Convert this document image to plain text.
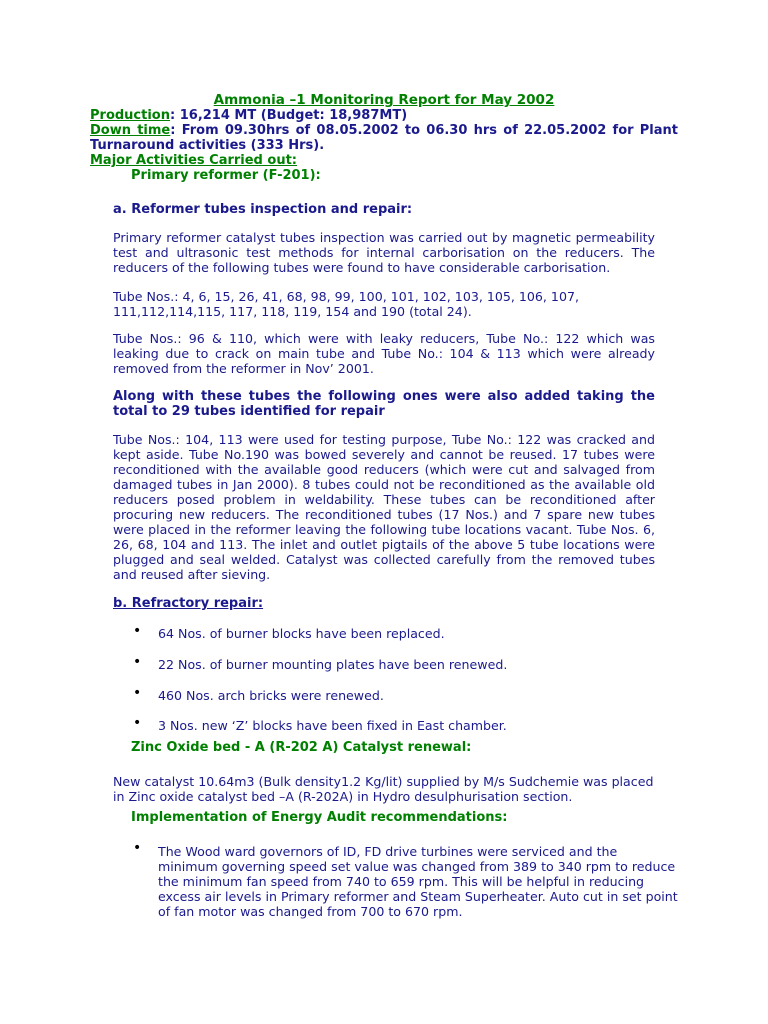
Ammonia –1 Monitoring Report for May 2002
Production: 16,214 MT (Budget: 18,987MT)
Down time: From 09.30hrs of 08.05.2002 to 06.30 hrs of 22.05.2002 for Plant Turnaround activities (333 Hrs).
Major Activities Carried out:
Primary reformer (F-201):
a. Reformer tubes inspection and repair:
Primary reformer catalyst tubes inspection was carried out by magnetic permeability test and ultrasonic test methods for internal carborisation on the reducers. The reducers of the following tubes were found to have considerable carborisation.
Tube Nos.: 4, 6, 15, 26, 41, 68, 98, 99, 100, 101, 102, 103, 105, 106, 107, 111,112,114,115, 117, 118, 119, 154 and 190 (total 24).
Tube Nos.: 96 & 110, which were with leaky reducers, Tube No.: 122 which was leaking due to crack on main tube and Tube No.: 104 & 113 which were already removed from the reformer in Nov’ 2001.
Along with these tubes the following ones were also added taking the total to 29 tubes identified for repair
Tube Nos.: 104, 113 were used for testing purpose, Tube No.: 122 was cracked and kept aside. Tube No.190 was bowed severely and cannot be reused. 17 tubes were reconditioned with the available good reducers (which were cut and salvaged from damaged tubes in Jan 2000). 8 tubes could not be reconditioned as the available old reducers posed problem in weldability. These tubes can be reconditioned after procuring new reducers. The reconditioned tubes (17 Nos.) and 7 spare new tubes were placed in the reformer leaving the following tube locations vacant. Tube Nos. 6, 26, 68, 104 and 113. The inlet and outlet pigtails of the above 5 tube locations were plugged and seal welded. Catalyst was collected carefully from the removed tubes and reused after sieving.
b. Refractory repair:
• 64 Nos. of burner blocks have been replaced.
• 22 Nos. of burner mounting plates have been renewed.
• 460 Nos. arch bricks were renewed.
• 3 Nos. new ‘Z’ blocks have been fixed in East chamber.
Zinc Oxide bed - A (R-202 A) Catalyst renewal:
New catalyst 10.64m3 (Bulk density1.2 Kg/lit) supplied by M/s Sudchemie was placed in Zinc oxide catalyst bed –A (R-202A) in Hydro desulphurisation section.
Implementation of Energy Audit recommendations:
• The Wood ward governors of ID, FD drive turbines were serviced and the minimum governing speed set value was changed from 389 to 340 rpm to reduce the minimum fan speed from 740 to 659 rpm. This will be helpful in reducing excess air levels in Primary reformer and Steam Superheater. Auto cut in set point of fan motor was changed from 700 to 670 rpm.
